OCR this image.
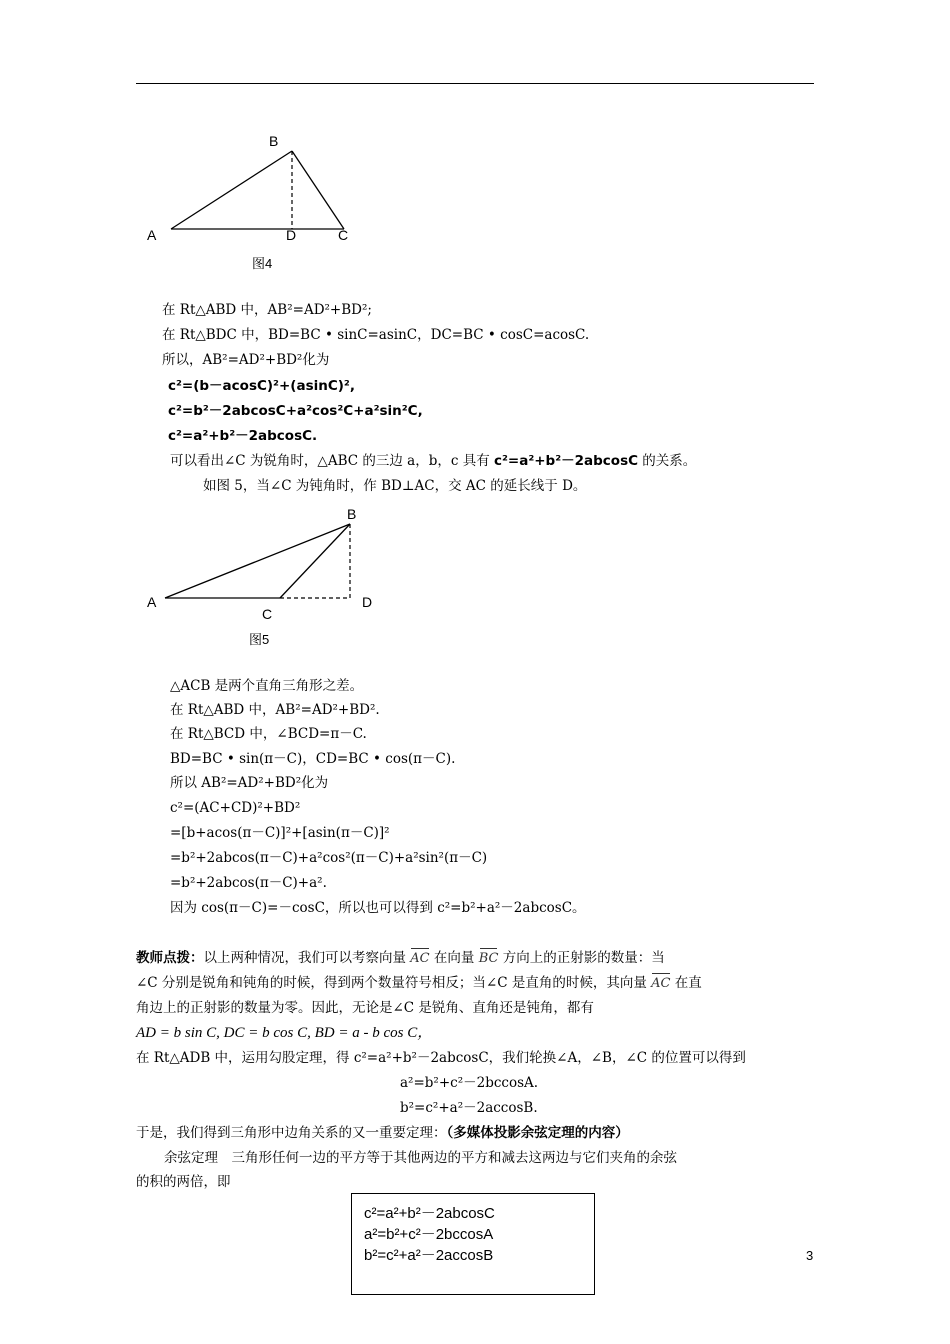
B
A	D	C
图4
在 Rt△ABD 中，AB²=AD²+BD²;
在 Rt△BDC 中，BD=BC • sinC=asinC，DC=BC • cosC=acosC.
所以，AB²=AD²+BD²化为
c²=(b－acosC)²+(asinC)²,
c²=b²－2abcosC+a²cos²C+a²sin²C,
c²=a²+b²－2abcosC.
可以看出∠C 为锐角时，△ABC 的三边 a，b，c 具有 c²=a²+b²－2abcosC 的关系。
如图 5，当∠C 为钝角时，作 BD⊥AC，交 AC 的延长线于 D。
B
A
C
D
图5
△ACB 是两个直角三角形之差。
在 Rt△ABD 中，AB²=AD²+BD².
在 Rt△BCD 中，∠BCD=π－C.
BD=BC • sin(π－C)，CD=BC • cos(π－C).
所以 AB²=AD²+BD²化为
c²=(AC+CD)²+BD²
=[b+acos(π－C)]²+[asin(π－C)]²
=b²+2abcos(π－C)+a²cos²(π－C)+a²sin²(π－C)
=b²+2abcos(π－C)+a².
因为 cos(π－C)=－cosC，所以也可以得到 c²=b²+a²－2abcosC。
教师点拨：以上两种情况，我们可以考察向量 AC 在向量 BC 方向上的正射影的数量：当
∠C 分别是锐角和钝角的时候，得到两个数量符号相反；当∠C 是直角的时候，其向量 AC 在直
角边上的正射影的数量为零。因此，无论是∠C 是锐角、直角还是钝角，都有
AD = b sin C, DC = b cos C, BD = a - b cos C，
在 Rt△ADB 中，运用勾股定理，得 c²=a²+b²－2abcosC，我们轮换∠A，∠B，∠C 的位置可以得到
a²=b²+c²－2bccosA.
b²=c²+a²－2accosB.
于是，我们得到三角形中边角关系的又一重要定理：（多媒体投影余弦定理的内容）
余弦定理　三角形任何一边的平方等于其他两边的平方和减去这两边与它们夹角的余弦
的积的两倍，即
c²=a²+b²－2abcosC
a²=b²+c²－2bccosA
b²=c²+a²－2accosB	3
